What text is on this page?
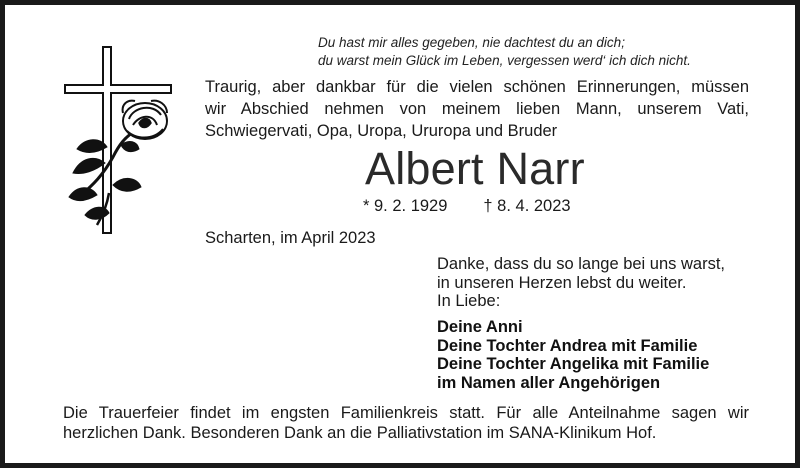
Du hast mir alles gegeben, nie dachtest du an dich;
du warst mein Glück im Leben, vergessen werd‘ ich dich nicht.
Traurig, aber dankbar für die vielen schönen Erinnerungen, müssen
wir Abschied nehmen von meinem lieben Mann, unserem Vati,
Schwiegervati, Opa, Uropa, Ururopa und Bruder
Albert Narr
* 9. 2. 1929 † 8. 4. 2023
Scharten, im April 2023
Danke, dass du so lange bei uns warst,
in unseren Herzen lebst du weiter.
In Liebe:
Deine Anni
Deine Tochter Andrea mit Familie
Deine Tochter Angelika mit Familie
im Namen aller Angehörigen
Die Trauerfeier findet im engsten Familienkreis statt. Für alle Anteilnahme sagen wir
herzlichen Dank. Besonderen Dank an die Palliativstation im SANA-Klinikum Hof.
